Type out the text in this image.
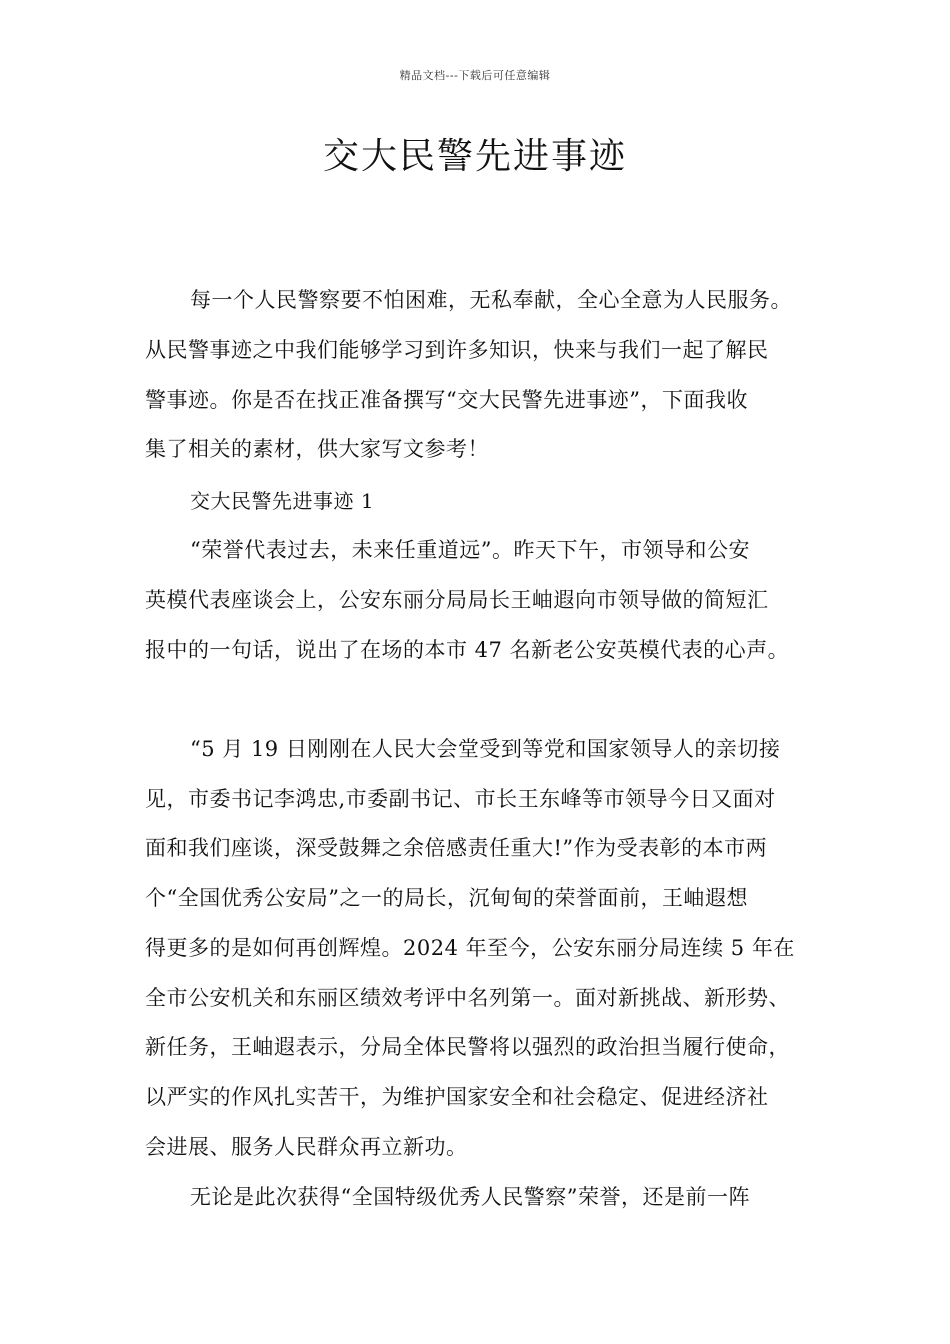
精品文档---下载后可任意编辑
交大民警先进事迹
每一个人民警察要不怕困难，无私奉献，全心全意为人民服务。
从民警事迹之中我们能够学习到许多知识，快来与我们一起了解民
警事迹。你是否在找正准备撰写“交大民警先进事迹”，下面我收
集了相关的素材，供大家写文参考！
交大民警先进事迹 1
“荣誉代表过去，未来任重道远”。昨天下午，市领导和公安
英模代表座谈会上，公安东丽分局局长王岫遐向市领导做的简短汇
报中的一句话，说出了在场的本市 47 名新老公安英模代表的心声。
“5 月 19 日刚刚在人民大会堂受到等党和国家领导人的亲切接
见，市委书记李鸿忠,市委副书记、市长王东峰等市领导今日又面对
面和我们座谈，深受鼓舞之余倍感责任重大!”作为受表彰的本市两
个“全国优秀公安局”之一的局长，沉甸甸的荣誉面前，王岫遐想
得更多的是如何再创辉煌。2024 年至今，公安东丽分局连续 5 年在
全市公安机关和东丽区绩效考评中名列第一。面对新挑战、新形势、
新任务，王岫遐表示，分局全体民警将以强烈的政治担当履行使命，
以严实的作风扎实苦干，为维护国家安全和社会稳定、促进经济社
会进展、服务人民群众再立新功。
无论是此次获得“全国特级优秀人民警察”荣誉，还是前一阵
